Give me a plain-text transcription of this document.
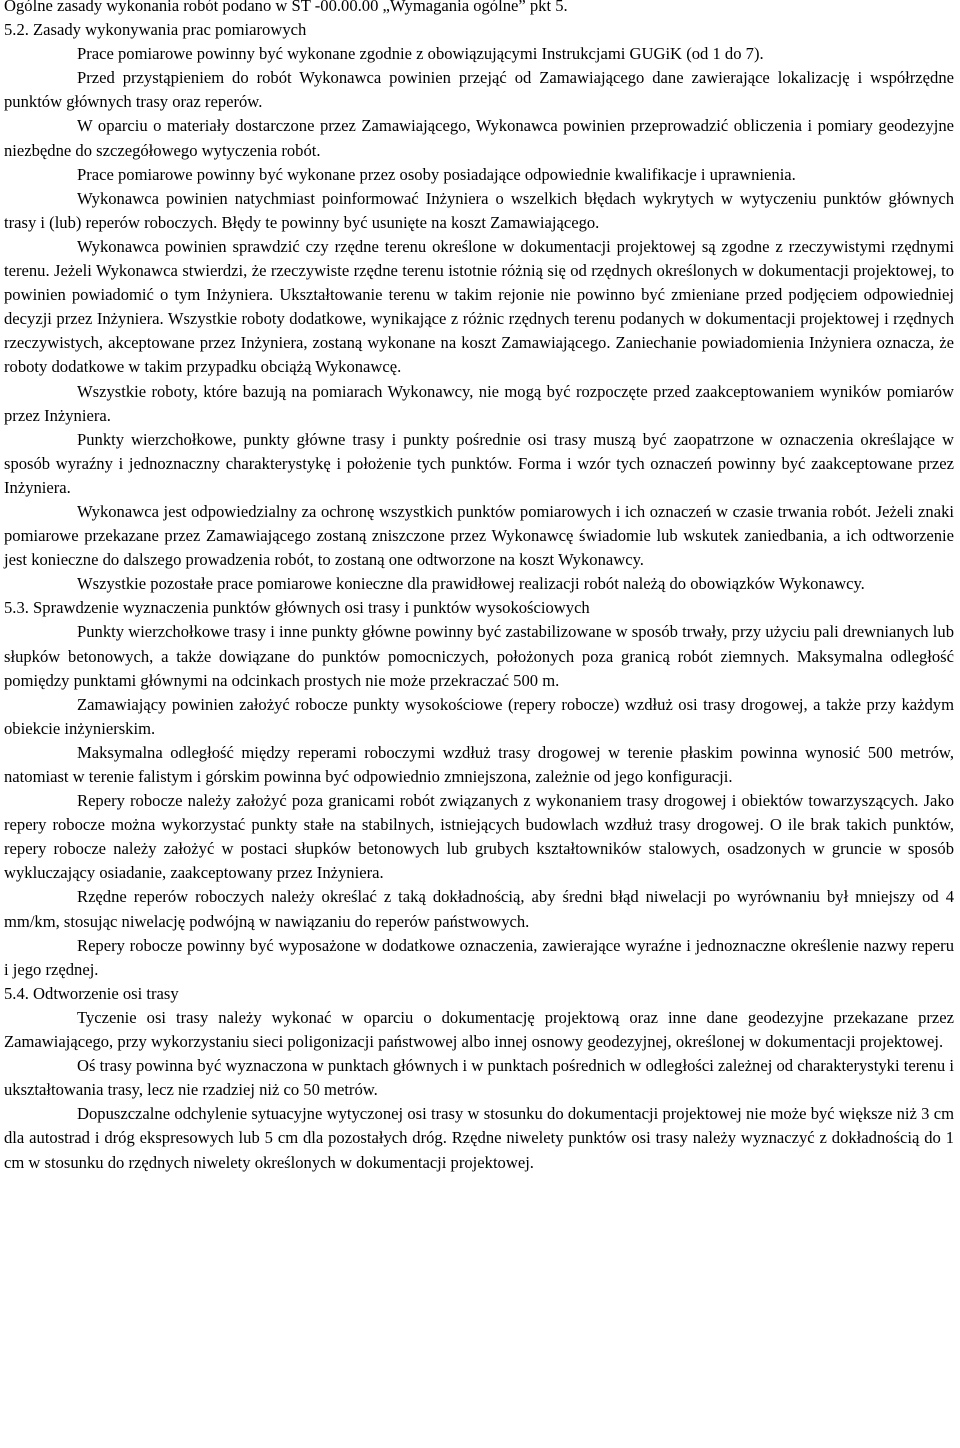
Ogólne zasady wykonania robót podano w ST -00.00.00 „Wymagania ogólne” pkt 5.

5.2. Zasady wykonywania prac pomiarowych

Prace pomiarowe powinny być wykonane zgodnie z obowiązującymi Instrukcjami GUGiK (od 1 do 7).

Przed przystąpieniem do robót Wykonawca powinien przejąć od Zamawiającego dane zawierające lokalizację i współrzędne punktów głównych trasy oraz reperów.

W oparciu o materiały dostarczone przez Zamawiającego, Wykonawca powinien przeprowadzić obliczenia i pomiary geodezyjne niezbędne do szczegółowego wytyczenia robót.

Prace pomiarowe powinny być wykonane przez osoby posiadające odpowiednie kwalifikacje i uprawnienia.

Wykonawca powinien natychmiast poinformować Inżyniera o wszelkich błędach wykrytych w wytyczeniu punktów głównych trasy i (lub) reperów roboczych. Błędy te powinny być usunięte na koszt Zamawiającego.

Wykonawca powinien sprawdzić czy rzędne terenu określone w dokumentacji projektowej są zgodne z rzeczywistymi rzędnymi terenu. Jeżeli Wykonawca stwierdzi, że rzeczywiste rzędne terenu istotnie różnią się od rzędnych określonych w dokumentacji projektowej, to powinien powiadomić o tym Inżyniera. Ukształtowanie terenu w takim rejonie nie powinno być zmieniane przed podjęciem odpowiedniej decyzji przez Inżyniera. Wszystkie roboty dodatkowe, wynikające z różnic rzędnych terenu podanych w dokumentacji projektowej i rzędnych rzeczywistych, akceptowane przez Inżyniera, zostaną wykonane na koszt Zamawiającego. Zaniechanie powiadomienia Inżyniera oznacza, że roboty dodatkowe w takim przypadku obciążą Wykonawcę.

Wszystkie roboty, które bazują na pomiarach Wykonawcy, nie mogą być rozpoczęte przed zaakceptowaniem wyników pomiarów przez Inżyniera.

Punkty wierzchołkowe, punkty główne trasy i punkty pośrednie osi trasy muszą być zaopatrzone w oznaczenia określające w sposób wyraźny i jednoznaczny charakterystykę i położenie tych punktów. Forma i wzór tych oznaczeń powinny być zaakceptowane przez Inżyniera.

Wykonawca jest odpowiedzialny za ochronę wszystkich punktów pomiarowych i ich oznaczeń w czasie trwania robót. Jeżeli znaki pomiarowe przekazane przez Zamawiającego zostaną zniszczone przez Wykonawcę świadomie lub wskutek zaniedbania, a ich odtworzenie jest konieczne do dalszego prowadzenia robót, to zostaną one odtworzone na koszt Wykonawcy.

Wszystkie pozostałe prace pomiarowe konieczne dla prawidłowej realizacji robót należą do obowiązków Wykonawcy.

5.3. Sprawdzenie wyznaczenia punktów głównych osi trasy i punktów wysokościowych

Punkty wierzchołkowe trasy i inne punkty główne powinny być zastabilizowane w sposób trwały, przy użyciu pali drewnianych lub słupków betonowych, a także dowiązane do punktów pomocniczych, położonych poza granicą robót ziemnych. Maksymalna odległość pomiędzy punktami głównymi na odcinkach prostych nie może przekraczać 500 m.

Zamawiający powinien założyć robocze punkty wysokościowe (repery robocze) wzdłuż osi trasy drogowej, a także przy każdym obiekcie inżynierskim.

Maksymalna odległość między reperami roboczymi wzdłuż trasy drogowej w terenie płaskim powinna wynosić 500 metrów, natomiast w terenie falistym i górskim powinna być odpowiednio zmniejszona, zależnie od jego konfiguracji.

Repery robocze należy założyć poza granicami robót związanych z wykonaniem trasy drogowej i obiektów towarzyszących. Jako repery robocze można wykorzystać punkty stałe na stabilnych, istniejących budowlach wzdłuż trasy drogowej. O ile brak takich punktów, repery robocze należy założyć w postaci słupków betonowych lub grubych kształtowników stalowych, osadzonych w gruncie w sposób wykluczający osiadanie, zaakceptowany przez Inżyniera.

Rzędne reperów roboczych należy określać z taką dokładnością, aby średni błąd niwelacji po wyrównaniu był mniejszy od 4 mm/km, stosując niwelację podwójną w nawiązaniu do reperów państwowych.

Repery robocze powinny być wyposażone w dodatkowe oznaczenia, zawierające wyraźne i jednoznaczne określenie nazwy reperu i jego rzędnej.

5.4. Odtworzenie osi trasy

Tyczenie osi trasy należy wykonać w oparciu o dokumentację projektową oraz inne dane geodezyjne przekazane przez Zamawiającego, przy wykorzystaniu sieci poligonizacji państwowej albo innej osnowy geodezyjnej, określonej w dokumentacji projektowej.

Oś trasy powinna być wyznaczona w punktach głównych i w punktach pośrednich w odległości zależnej od charakterystyki terenu i ukształtowania trasy, lecz nie rzadziej niż co 50 metrów.

Dopuszczalne odchylenie sytuacyjne wytyczonej osi trasy w stosunku do dokumentacji projektowej nie może być większe niż 3 cm dla autostrad i dróg ekspresowych lub 5 cm dla pozostałych dróg. Rzędne niwelety punktów osi trasy należy wyznaczyć z dokładnością do 1 cm w stosunku do rzędnych niwelety określonych w dokumentacji projektowej.
